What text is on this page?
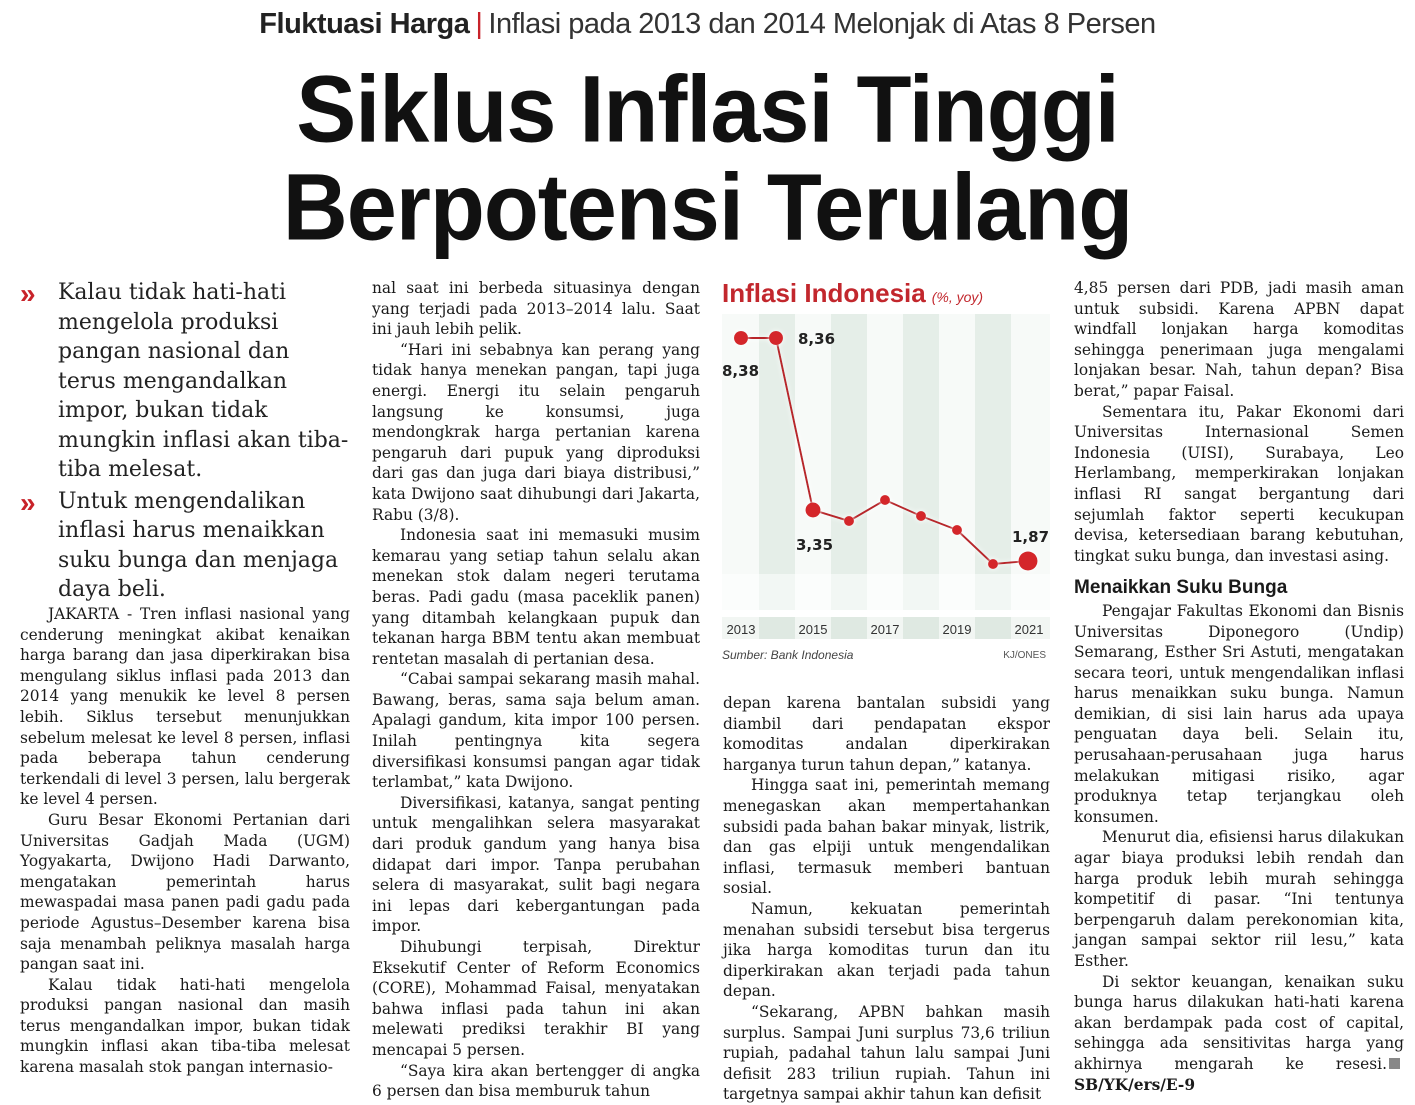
Fluktuasi Harga | Inflasi pada 2013 dan 2014 Melonjak di Atas 8 Persen
Siklus Inflasi Tinggi
Berpotensi Terulang
» Kalau tidak hati-hati mengelola produksi pangan nasional dan terus mengandalkan impor, bukan tidak mungkin inflasi akan tiba-tiba melesat.
» Untuk mengendalikan inflasi harus menaikkan suku bunga dan menjaga daya beli.

JAKARTA - Tren inflasi nasional yang cenderung meningkat akibat kenaikan harga barang dan jasa diperkirakan bisa mengulang siklus inflasi pada 2013 dan 2014 yang menukik ke level 8 persen lebih. Siklus tersebut menunjukkan sebelum melesat ke level 8 persen, inflasi pada beberapa tahun cenderung terkendali di level 3 persen, lalu bergerak ke level 4 persen.

Guru Besar Ekonomi Pertanian dari Universitas Gadjah Mada (UGM) Yogyakarta, Dwijono Hadi Darwanto, mengatakan pemerintah harus mewaspadai masa panen padi gadu pada periode Agustus–Desember karena bisa saja menambah peliknya masalah harga pangan saat ini.

Kalau tidak hati-hati mengelola produksi pangan nasional dan masih terus mengandalkan impor, bukan tidak mungkin inflasi akan tiba-tiba melesat karena masalah stok pangan internasio-

nal saat ini berbeda situasinya dengan yang terjadi pada 2013–2014 lalu. Saat ini jauh lebih pelik.

“Hari ini sebabnya kan perang yang tidak hanya menekan pangan, tapi juga energi. Energi itu selain pengaruh langsung ke konsumsi, juga mendongkrak harga pertanian karena pengaruh dari pupuk yang diproduksi dari gas dan juga dari biaya distribusi,” kata Dwijono saat dihubungi dari Jakarta, Rabu (3/8).

Indonesia saat ini memasuki musim kemarau yang setiap tahun selalu akan menekan stok dalam negeri terutama beras. Padi gadu (masa paceklik panen) yang ditambah kelangkaan pupuk dan tekanan harga BBM tentu akan membuat rentetan masalah di pertanian desa.

“Cabai sampai sekarang masih mahal. Bawang, beras, sama saja belum aman. Apalagi gandum, kita impor 100 persen. Inilah pentingnya kita segera diversifikasi konsumsi pangan agar tidak terlambat,” kata Dwijono.

Diversifikasi, katanya, sangat penting untuk mengalihkan selera masyarakat dari produk gandum yang hanya bisa didapat dari impor. Tanpa perubahan selera di masyarakat, sulit bagi negara ini lepas dari kebergantungan pada impor.

Dihubungi terpisah, Direktur Eksekutif Center of Reform Economics (CORE), Mohammad Faisal, menyatakan bahwa inflasi pada tahun ini akan melewati prediksi terakhir BI yang mencapai 5 persen.

“Saya kira akan bertengger di angka 6 persen dan bisa memburuk tahun

Inflasi Indonesia (%, yoy)
2013	2015	2017	2019	2021
8,38
8,36
3,35	1,87
Sumber: Bank Indonesia	KJ/ONES

depan karena bantalan subsidi yang diambil dari pendapatan ekspor komoditas andalan diperkirakan harganya turun tahun depan,” katanya.

Hingga saat ini, pemerintah memang menegaskan akan mempertahankan subsidi pada bahan bakar minyak, listrik, dan gas elpiji untuk mengendalikan inflasi, termasuk memberi bantuan sosial.

Namun, kekuatan pemerintah menahan subsidi tersebut bisa tergerus jika harga komoditas turun dan itu diperkirakan akan terjadi pada tahun depan.

“Sekarang, APBN bahkan masih surplus. Sampai Juni surplus 73,6 triliun rupiah, padahal tahun lalu sampai Juni defisit 283 triliun rupiah. Tahun ini targetnya sampai akhir tahun kan defisit

4,85 persen dari PDB, jadi masih aman untuk subsidi. Karena APBN dapat windfall lonjakan harga komoditas sehingga penerimaan juga mengalami lonjakan besar. Nah, tahun depan? Bisa berat,” papar Faisal.

Sementara itu, Pakar Ekonomi dari Universitas Internasional Semen Indonesia (UISI), Surabaya, Leo Herlambang, memperkirakan lonjakan inflasi RI sangat bergantung dari sejumlah faktor seperti kecukupan devisa, ketersediaan barang kebutuhan, tingkat suku bunga, dan investasi asing.

Menaikkan Suku Bunga

Pengajar Fakultas Ekonomi dan Bisnis Universitas Diponegoro (Undip) Semarang, Esther Sri Astuti, mengatakan secara teori, untuk mengendalikan inflasi harus menaikkan suku bunga. Namun demikian, di sisi lain harus ada upaya penguatan daya beli. Selain itu, perusahaan-perusahaan juga harus melakukan mitigasi risiko, agar produknya tetap terjangkau oleh konsumen.

Menurut dia, efisiensi harus dilakukan agar biaya produksi lebih rendah dan harga produk lebih murah sehingga kompetitif di pasar. “Ini tentunya berpengaruh dalam perekonomian kita, jangan sampai sektor riil lesu,” kata Esther.

Di sektor keuangan, kenaikan suku bunga harus dilakukan hati-hati karena akan berdampak pada cost of capital, sehingga ada sensitivitas harga yang akhirnya mengarah ke resesi.SB/YK/ers/E-9
